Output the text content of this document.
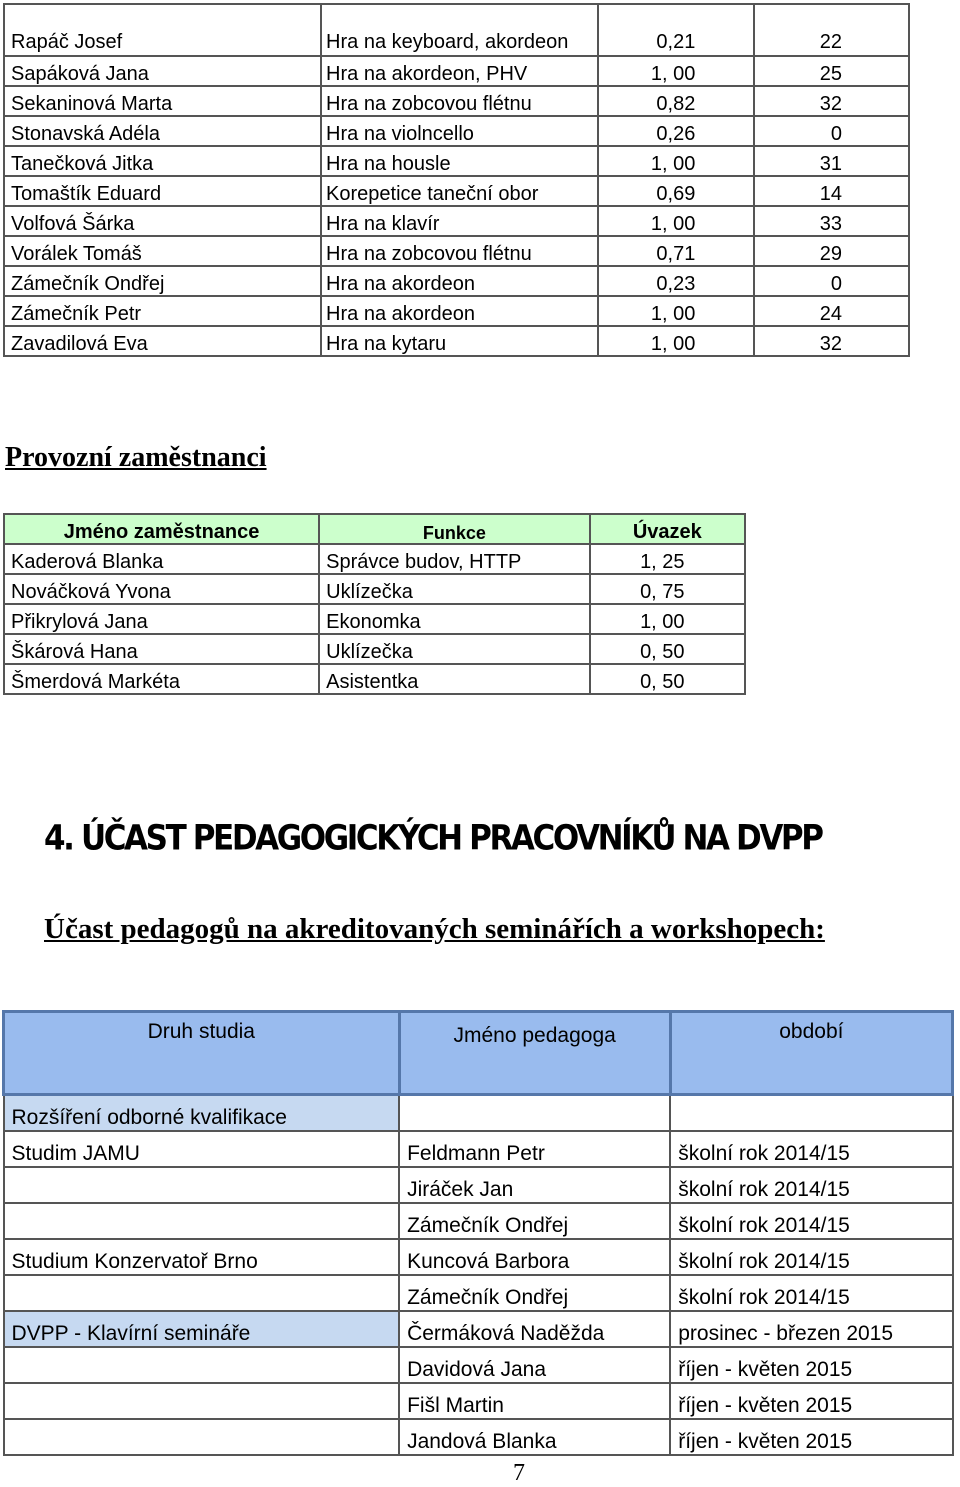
Rapáč Josef	Hra na keyboard, akordeon	0,21	22
Sapáková Jana	Hra na akordeon, PHV	1, 00	25
Sekaninová Marta	Hra na zobcovou flétnu	0,82	32
Stonavská Adéla	Hra na violncello	0,26	0
Tanečková Jitka	Hra na housle	1, 00	31
Tomaštík Eduard	Korepetice taneční obor	0,69	14
Volfová Šárka	Hra na klavír	1, 00	33
Vorálek Tomáš	Hra na zobcovou flétnu	0,71	29
Zámečník Ondřej	Hra na akordeon	0,23	0
Zámečník Petr	Hra na akordeon	1, 00	24
Zavadilová Eva	Hra na kytaru	1, 00	32
Provozní zaměstnanci
Jméno zaměstnance	Funkce	Úvazek
Kaderová Blanka	Správce budov, HTTP	1, 25
Nováčková Yvona	Uklízečka	0, 75
Přikrylová Jana	Ekonomka	1, 00
Škárová Hana	Uklízečka	0, 50
Šmerdová Markéta	Asistentka	0, 50
4. ÚČAST PEDAGOGICKÝCH PRACOVNÍKŮ NA DVPP
Účast pedagogů na akreditovaných seminářích a workshopech:
Druh studia	Jméno pedagoga	období
Rozšíření odborné kvalifikace		
Studim JAMU	Feldmann Petr	školní rok 2014/15
	Jiráček Jan	školní rok 2014/15
	Zámečník Ondřej	školní rok 2014/15
Studium Konzervatoř Brno	Kuncová Barbora	školní rok 2014/15
	Zámečník Ondřej	školní rok 2014/15
DVPP - Klavírní semináře	Čermáková Naděžda	prosinec - březen 2015
	Davidová Jana	říjen - květen 2015
	Fišl Martin	říjen - květen 2015
	Jandová Blanka	říjen - květen 2015
7
